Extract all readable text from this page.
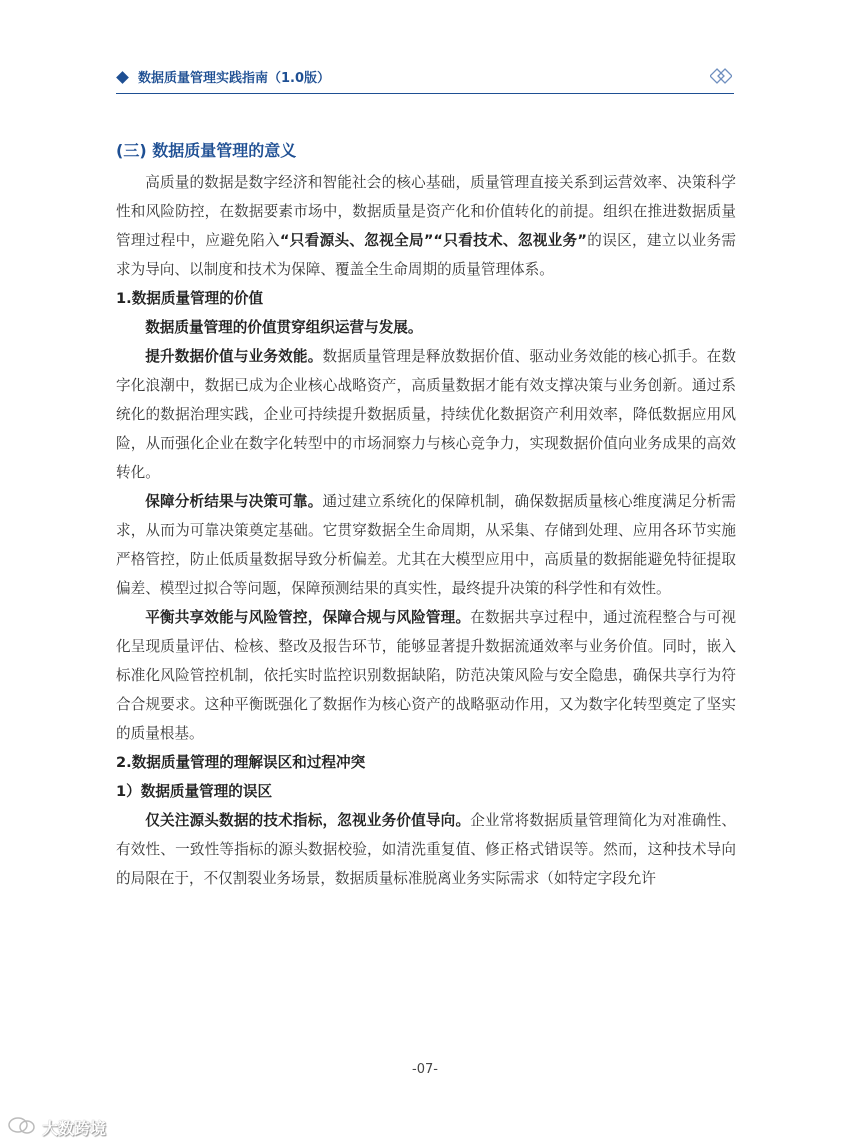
数据质量管理实践指南（1.0版）

(三) 数据质量管理的意义

高质量的数据是数字经济和智能社会的核心基础，质量管理直接关系到运营效率、决策科学性和风险防控，在数据要素市场中，数据质量是资产化和价值转化的前提。组织在推进数据质量管理过程中，应避免陷入“只看源头、忽视全局”“只看技术、忽视业务”的误区，建立以业务需求为导向、以制度和技术为保障、覆盖全生命周期的质量管理体系。

1.数据质量管理的价值

数据质量管理的价值贯穿组织运营与发展。

提升数据价值与业务效能。数据质量管理是释放数据价值、驱动业务效能的核心抓手。在数字化浪潮中，数据已成为企业核心战略资产，高质量数据才能有效支撑决策与业务创新。通过系统化的数据治理实践，企业可持续提升数据质量，持续优化数据资产利用效率，降低数据应用风险，从而强化企业在数字化转型中的市场洞察力与核心竞争力，实现数据价值向业务成果的高效转化。

保障分析结果与决策可靠。通过建立系统化的保障机制，确保数据质量核心维度满足分析需求，从而为可靠决策奠定基础。它贯穿数据全生命周期，从采集、存储到处理、应用各环节实施严格管控，防止低质量数据导致分析偏差。尤其在大模型应用中，高质量的数据能避免特征提取偏差、模型过拟合等问题，保障预测结果的真实性，最终提升决策的科学性和有效性。

平衡共享效能与风险管控，保障合规与风险管理。在数据共享过程中，通过流程整合与可视化呈现质量评估、检核、整改及报告环节，能够显著提升数据流通效率与业务价值。同时，嵌入标准化风险管控机制，依托实时监控识别数据缺陷，防范决策风险与安全隐患，确保共享行为符合合规要求。这种平衡既强化了数据作为核心资产的战略驱动作用，又为数字化转型奠定了坚实的质量根基。

2.数据质量管理的理解误区和过程冲突

1）数据质量管理的误区

仅关注源头数据的技术指标，忽视业务价值导向。企业常将数据质量管理简化为对准确性、有效性、一致性等指标的源头数据校验，如清洗重复值、修正格式错误等。然而，这种技术导向的局限在于，不仅割裂业务场景，数据质量标准脱离业务实际需求（如特定字段允许

-07-
大数跨境
